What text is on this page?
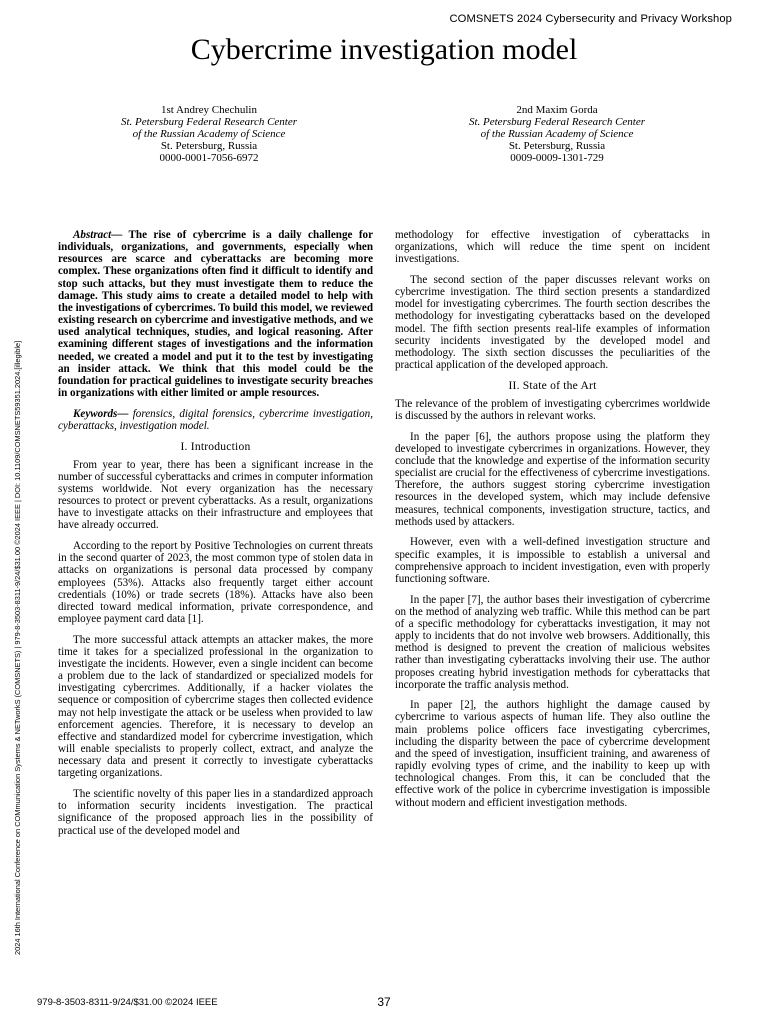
COMSNETS 2024 Cybersecurity and Privacy Workshop
Cybercrime investigation model
1st Andrey Chechulin
St. Petersburg Federal Research Center
of the Russian Academy of Science
St. Petersburg, Russia
0000-0001-7056-6972
2nd Maxim Gorda
St. Petersburg Federal Research Center
of the Russian Academy of Science
St. Petersburg, Russia
0009-0009-1301-729
2024 16th International Conference on COMmunication Systems & NETworkS (COMSNETS) | 979-8-3503-8311-9/24/$31.00 ©2024 IEEE | DOI: 10.1109/COMSNETS59351.2024.[illegible]

Abstract— The rise of cybercrime is a daily challenge for individuals, organizations, and governments, especially when resources are scarce and cyberattacks are becoming more complex. These organizations often find it difficult to identify and stop such attacks, but they must investigate them to reduce the damage. This study aims to create a detailed model to help with the investigations of cybercrimes. To build this model, we reviewed existing research on cybercrime and investigative methods, and we used analytical techniques, studies, and logical reasoning. After examining different stages of investigations and the information needed, we created a model and put it to the test by investigating an insider attack. We think that this model could be the foundation for practical guidelines to investigate security breaches in organizations with either limited or ample resources.

Keywords— forensics, digital forensics, cybercrime investigation, cyberattacks, investigation model.

I. Introduction

From year to year, there has been a significant increase in the number of successful cyberattacks and crimes in computer information systems worldwide. Not every organization has the necessary resources to protect or prevent cyberattacks. As a result, organizations have to investigate attacks on their infrastructure and employees that have already occurred.

According to the report by Positive Technologies on current threats in the second quarter of 2023, the most common type of stolen data in attacks on organizations is personal data processed by company employees (53%). Attacks also frequently target either account credentials (10%) or trade secrets (18%). Attacks have also been directed toward medical information, private correspondence, and employee payment card data [1].

The more successful attack attempts an attacker makes, the more time it takes for a specialized professional in the organization to investigate the incidents. However, even a single incident can become a problem due to the lack of standardized or specialized models for investigating cybercrimes. Additionally, if a hacker violates the sequence or composition of cybercrime stages then collected evidence may not help investigate the attack or be useless when provided to law enforcement agencies. Therefore, it is necessary to develop an effective and standardized model for cybercrime investigation, which will enable specialists to properly collect, extract, and analyze the necessary data and present it correctly to investigate cyberattacks targeting organizations.

The scientific novelty of this paper lies in a standardized approach to information security incidents investigation. The practical significance of the proposed approach lies in the possibility of practical use of the developed model and

methodology for effective investigation of cyberattacks in organizations, which will reduce the time spent on incident investigations.

The second section of the paper discusses relevant works on cybercrime investigation. The third section presents a standardized model for investigating cybercrimes. The fourth section describes the methodology for investigating cyberattacks based on the developed model. The fifth section presents real-life examples of information security incidents investigated by the developed model and methodology. The sixth section discusses the peculiarities of the practical application of the developed approach.

II. State of the Art

The relevance of the problem of investigating cybercrimes worldwide is discussed by the authors in relevant works.

In the paper [6], the authors propose using the platform they developed to investigate cybercrimes in organizations. However, they conclude that the knowledge and expertise of the information security specialist are crucial for the effectiveness of cybercrime investigations. Therefore, the authors suggest storing cybercrime investigation resources in the developed system, which may include defensive measures, technical components, investigation structure, tactics, and methods used by attackers.

However, even with a well-defined investigation structure and specific examples, it is impossible to establish a universal and comprehensive approach to incident investigation, even with properly functioning software.

In the paper [7], the author bases their investigation of cybercrime on the method of analyzing web traffic. While this method can be part of a specific methodology for cyberattacks investigation, it may not apply to incidents that do not involve web browsers. Additionally, this method is designed to prevent the creation of malicious websites rather than investigating cyberattacks involving their use. The author proposes creating hybrid investigation methods for cyberattacks that incorporate the traffic analysis method.

In paper [2], the authors highlight the damage caused by cybercrime to various aspects of human life. They also outline the main problems police officers face investigating cybercrimes, including the disparity between the pace of cybercrime development and the speed of investigation, insufficient training, and awareness of rapidly evolving types of crime, and the inability to keep up with technological changes. From this, it can be concluded that the effective work of the police in cybercrime investigation is impossible without modern and efficient investigation methods.

979-8-3503-8311-9/24/$31.00 ©2024 IEEE	37
